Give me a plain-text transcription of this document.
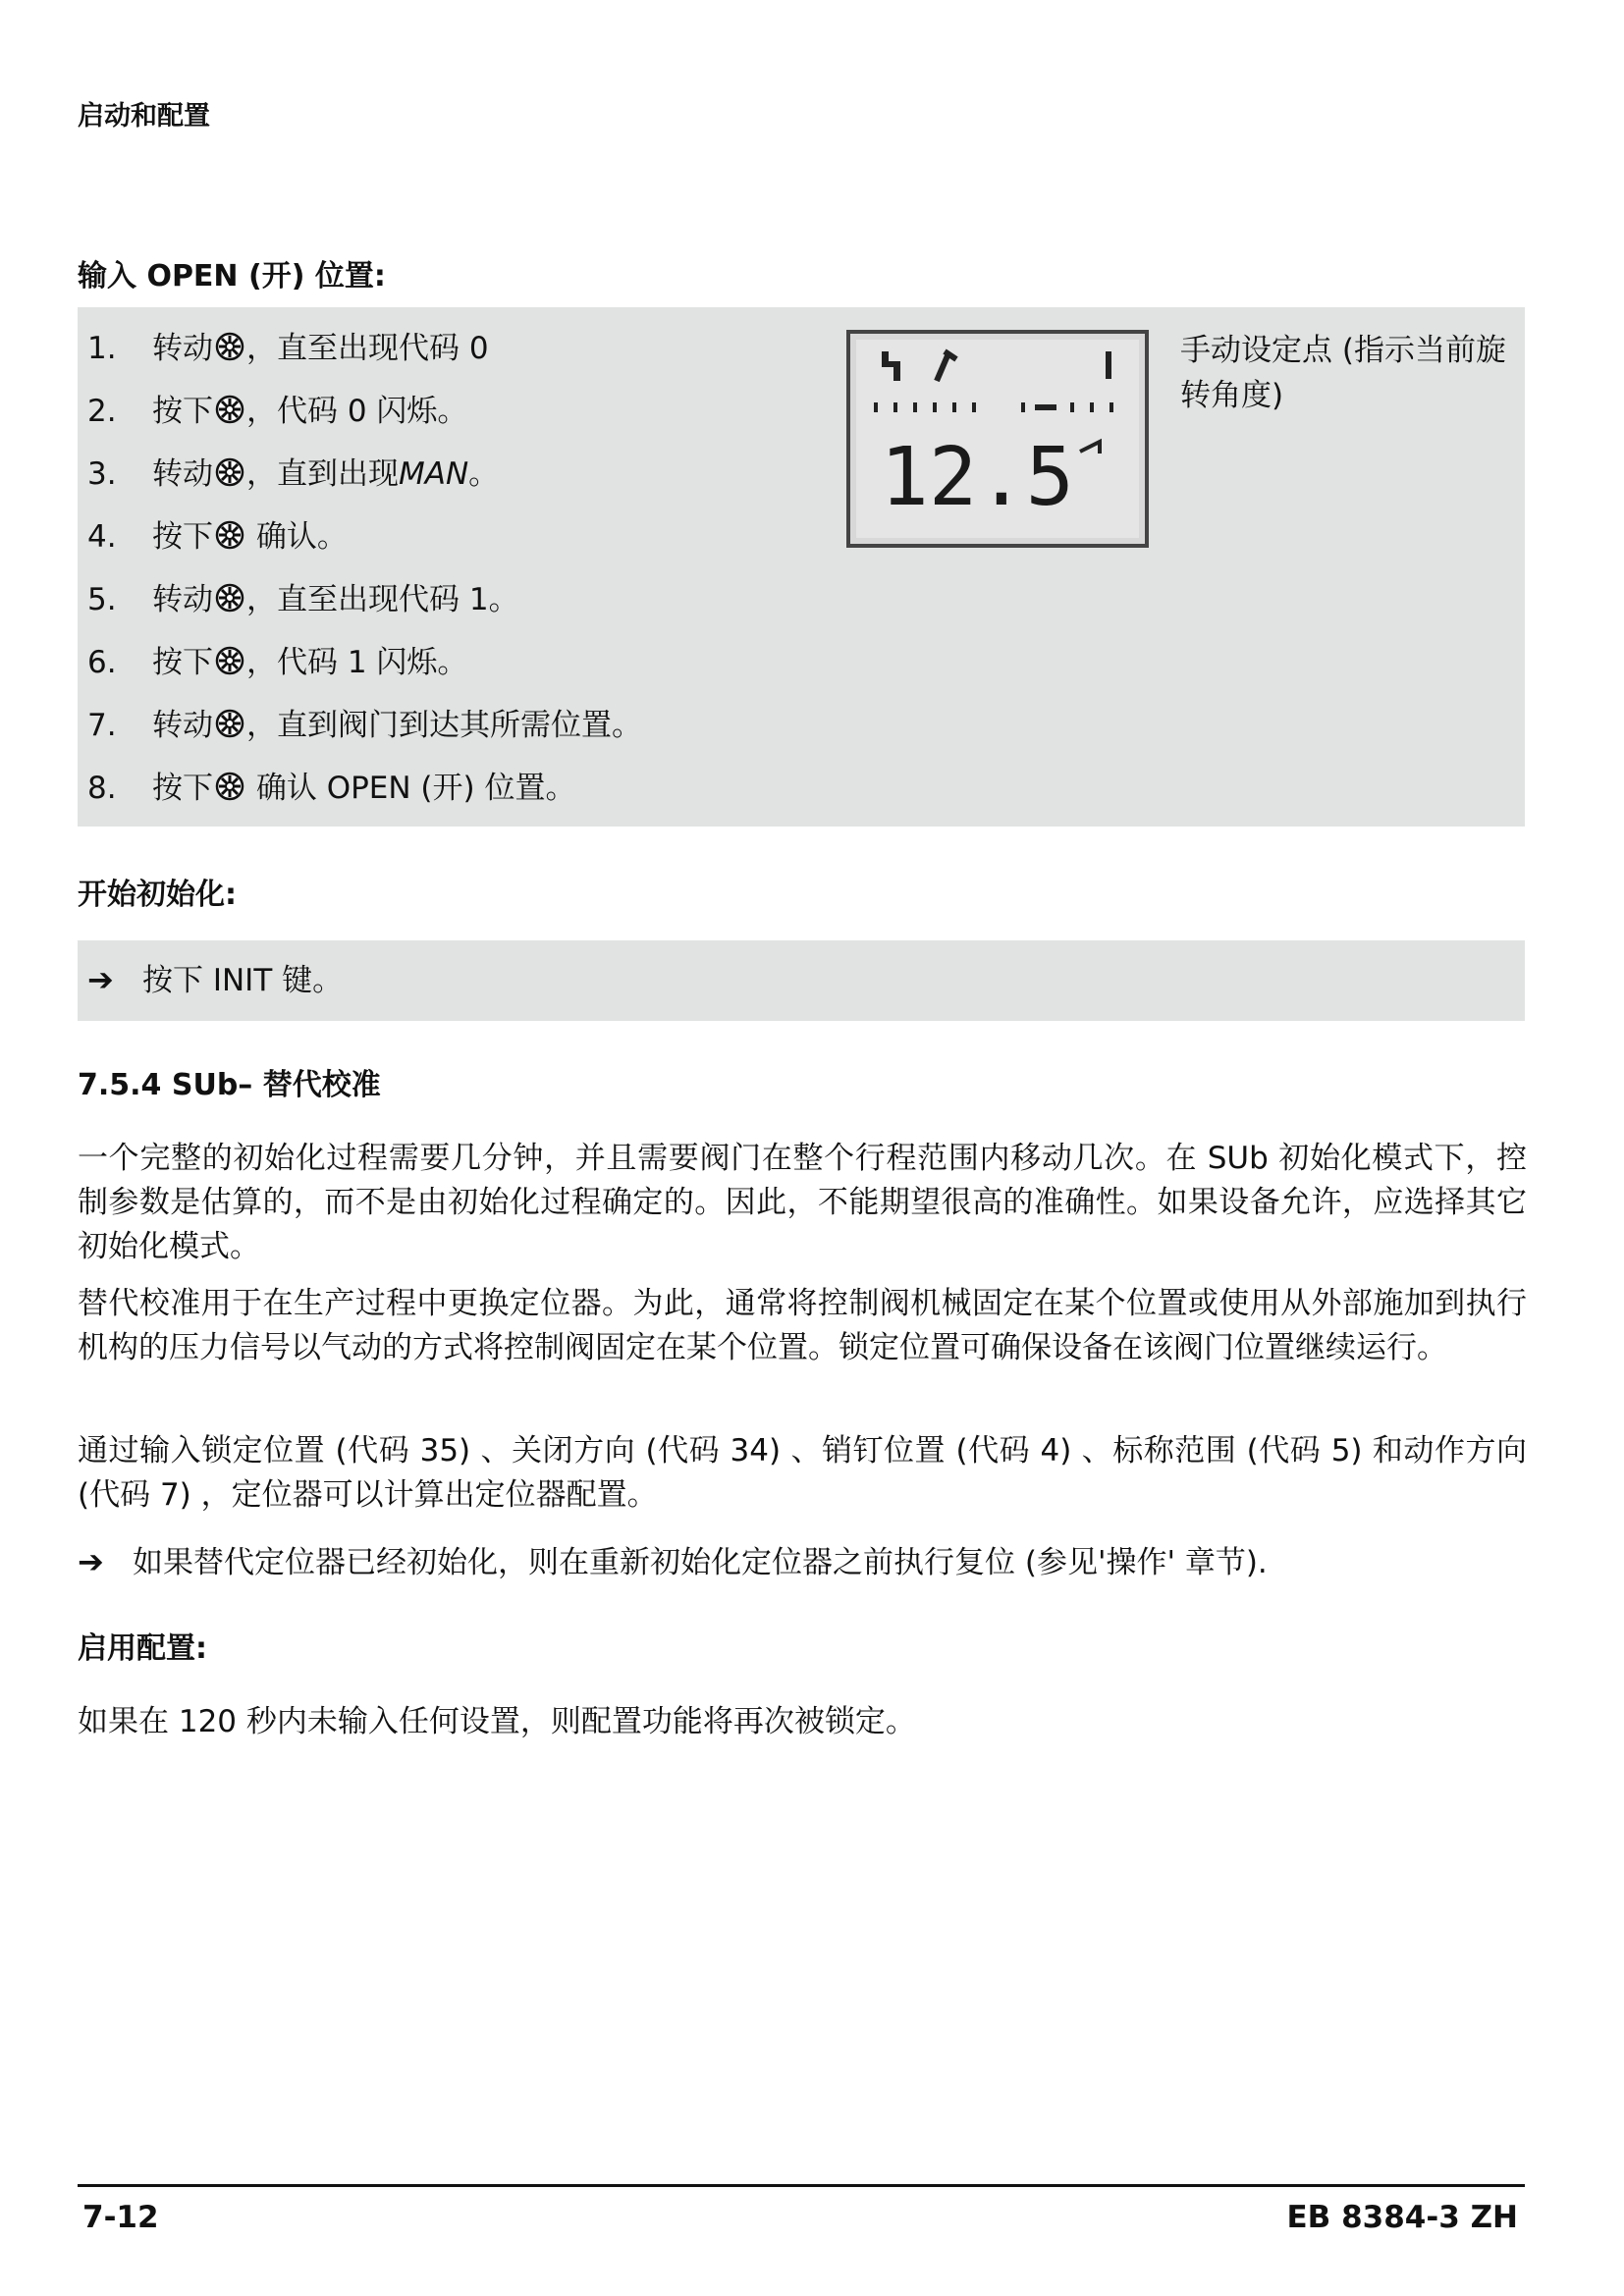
启动和配置
输入 OPEN (开) 位置:
1. 转动 ，直至出现代码 0
2. 按下 ，代码 0 闪烁。
3. 转动 ，直到出现MAN。
4. 按下 确认。
5. 转动 ，直至出现代码 1。
6. 按下 ，代码 1 闪烁。
7. 转动 ，直到阀门到达其所需位置。
8. 按下 确认 OPEN (开) 位置。
12.5
手动设定点 (指示当前旋转角度)
开始初始化:
➔ 按下 INIT 键。
7.5.4 SUb– 替代校准
一个完整的初始化过程需要几分钟，并且需要阀门在整个行程范围内移动几次。在 SUb 初始化模式下，控制参数是估算的，而不是由初始化过程确定的。因此，不能期望很高的准确性。如果设备允许，应选择其它初始化模式。
替代校准用于在生产过程中更换定位器。为此，通常将控制阀机械固定在某个位置或使用从外部施加到执行机构的压力信号以气动的方式将控制阀固定在某个位置。锁定位置可确保设备在该阀门位置继续运行。
通过输入锁定位置 (代码 35) 、关闭方向 (代码 34) 、销钉位置 (代码 4) 、标称范围 (代码 5) 和动作方向 (代码 7) ，定位器可以计算出定位器配置。
➔ 如果替代定位器已经初始化，则在重新初始化定位器之前执行复位 (参见'操作' 章节).
启用配置:
如果在 120 秒内未输入任何设置，则配置功能将再次被锁定。
7-12	EB 8384-3 ZH
